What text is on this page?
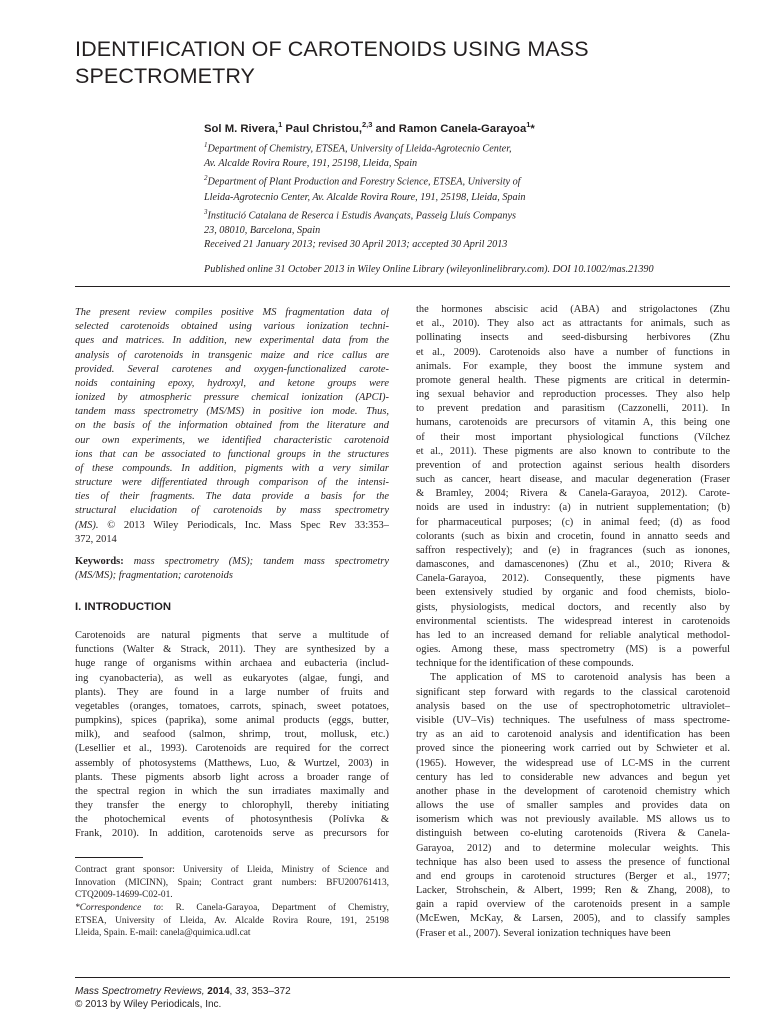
IDENTIFICATION OF CAROTENOIDS USING MASS
SPECTROMETRY
Sol M. Rivera,$^1$ Paul Christou,$^{2,3}$ and Ramon Canela-Garayoa$^1$*
$^1$Department of Chemistry, ETSEA, University of Lleida-Agrotecnio Center,
Av. Alcalde Rovira Roure, 191, 25198, Lleida, Spain
$^2$Department of Plant Production and Forestry Science, ETSEA, University of
Lleida-Agrotecnio Center, Av. Alcalde Rovira Roure, 191, 25198, Lleida, Spain
$^3$Institució Catalana de Reserca i Estudis Avançats, Passeig Lluís Companys
23, 08010, Barcelona, Spain
Received 21 January 2013; revised 30 April 2013; accepted 30 April 2013
Published online 31 October 2013 in Wiley Online Library (wileyonlinelibrary.com). DOI 10.1002/mas.21390
The present review compiles positive MS fragmentation data of
selected carotenoids obtained using various ionization techni-
ques and matrices. In addition, new experimental data from the
analysis of carotenoids in transgenic maize and rice callus are
provided. Several carotenes and oxygen-functionalized carote-
noids containing epoxy, hydroxyl, and ketone groups were
ionized by atmospheric pressure chemical ionization (APCI)-
tandem mass spectrometry (MS/MS) in positive ion mode. Thus,
on the basis of the information obtained from the literature and
our own experiments, we identified characteristic carotenoid
ions that can be associated to functional groups in the structures
of these compounds. In addition, pigments with a very similar
structure were differentiated through comparison of the intensi-
ties of their fragments. The data provide a basis for the
structural elucidation of carotenoids by mass spectrometry
(MS). © 2013 Wiley Periodicals, Inc. Mass Spec Rev 33:353–
372, 2014
Keywords: mass spectrometry (MS); tandem mass spectrometry
(MS/MS); fragmentation; carotenoids
I. INTRODUCTION
Carotenoids are natural pigments that serve a multitude of
functions (Walter & Strack, 2011). They are synthesized by a
huge range of organisms within archaea and eubacteria (includ-
ing cyanobacteria), as well as eukaryotes (algae, fungi, and
plants). They are found in a large number of fruits and
vegetables (oranges, tomatoes, carrots, spinach, sweet potatoes,
pumpkins), spices (paprika), some animal products (eggs, butter,
milk), and seafood (salmon, shrimp, trout, mollusk, etc.)
(Lesellier et al., 1993). Carotenoids are required for the correct
assembly of photosystems (Matthews, Luo, & Wurtzel, 2003) in
plants. These pigments absorb light across a broader range of
the spectral region in which the sun irradiates maximally and
they transfer the energy to chlorophyll, thereby initiating
the photochemical events of photosynthesis (Polívka &
Frank, 2010). In addition, carotenoids serve as precursors for
the hormones abscisic acid (ABA) and strigolactones (Zhu
et al., 2010). They also act as attractants for animals, such as
pollinating insects and seed-disbursing herbivores (Zhu
et al., 2009). Carotenoids also have a number of functions in
animals. For example, they boost the immune system and
promote general health. These pigments are critical in determin-
ing sexual behavior and reproduction processes. They also help
to prevent predation and parasitism (Cazzonelli, 2011). In
humans, carotenoids are precursors of vitamin A, this being one
of their most important physiological functions (Vílchez
et al., 2011). These pigments are also known to contribute to the
prevention of and protection against serious health disorders
such as cancer, heart disease, and macular degeneration (Fraser
& Bramley, 2004; Rivera & Canela-Garayoa, 2012). Carote-
noids are used in industry: (a) in nutrient supplementation; (b)
for pharmaceutical purposes; (c) in animal feed; (d) as food
colorants (such as bixin and crocetin, found in annatto seeds and
saffron respectively); and (e) in fragrances (such as ionones,
damascones, and damascenones) (Zhu et al., 2010; Rivera &
Canela-Garayoa, 2012). Consequently, these pigments have
been extensively studied by organic and food chemists, biolo-
gists, physiologists, medical doctors, and recently also by
environmental scientists. The widespread interest in carotenoids
has led to an increased demand for reliable analytical methodol-
ogies. Among these, mass spectrometry (MS) is a powerful
technique for the identification of these compounds.
The application of MS to carotenoid analysis has been a
significant step forward with regards to the classical carotenoid
analysis based on the use of spectrophotometric ultraviolet–
visible (UV–Vis) techniques. The usefulness of mass spectrome-
try as an aid to carotenoid analysis and identification has been
proved since the pioneering work carried out by Schwieter et al.
(1965). However, the widespread use of LC-MS in the current
century has led to considerable new advances and begun yet
another phase in the development of carotenoid chemistry which
allows the use of smaller samples and provides data on
isomerism which was not previously available. MS allows us to
distinguish between co-eluting carotenoids (Rivera & Canela-
Garayoa, 2012) and to determine molecular weights. This
technique has also been used to assess the presence of functional
and end groups in carotenoid structures (Berger et al., 1977;
Lacker, Strohschein, & Albert, 1999; Ren & Zhang, 2008), to
gain a rapid overview of the carotenoids present in a sample
(McEwen, McKay, & Larsen, 2005), and to classify samples
(Fraser et al., 2007). Several ionization techniques have been
Contract grant sponsor: University of Lleida, Ministry of Science and
Innovation (MICINN), Spain; Contract grant numbers: BFU200761413,
CTQ2009-14699-C02-01.
*Correspondence to: R. Canela-Garayoa, Department of Chemistry,
ETSEA, University of Lleida, Av. Alcalde Rovira Roure, 191, 25198
Lleida, Spain. E-mail: canela@quimica.udl.cat
Mass Spectrometry Reviews, 2014, 33, 353–372
© 2013 by Wiley Periodicals, Inc.
